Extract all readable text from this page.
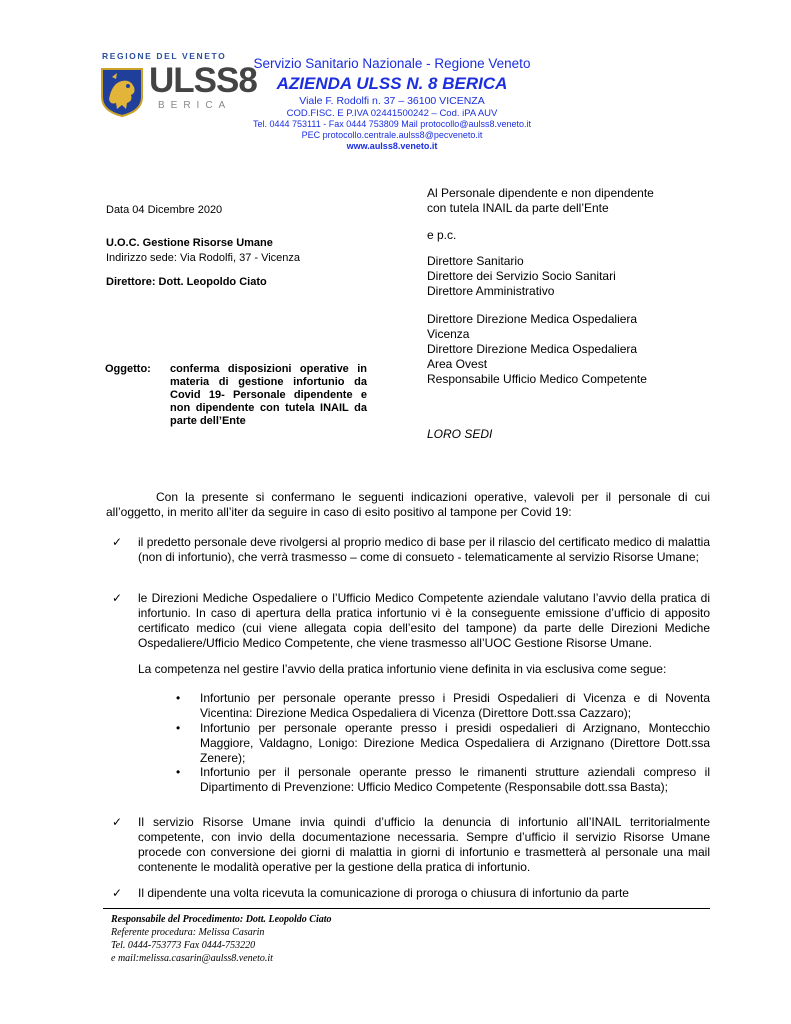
REGIONE DEL VENETO
ULSS8
BERICA
Servizio Sanitario Nazionale - Regione Veneto
AZIENDA ULSS N. 8 BERICA
Viale F. Rodolfi n. 37 – 36100 VICENZA
COD.FISC. E P.IVA 02441500242 – Cod. iPA AUV
Tel. 0444 753111 - Fax 0444 753809 Mail protocollo@aulss8.veneto.it
PEC protocollo.centrale.aulss8@pecveneto.it
www.aulss8.veneto.it
Data 04 Dicembre 2020
U.O.C. Gestione Risorse Umane
Indirizzo sede: Via Rodolfi, 37 - Vicenza
Direttore: Dott. Leopoldo Ciato
Al Personale dipendente e non dipendente
con tutela INAIL da parte dell’Ente
e p.c.
Direttore Sanitario
Direttore dei Servizio Socio Sanitari
Direttore Amministrativo
Direttore Direzione Medica Ospedaliera
Vicenza
Direttore Direzione Medica Ospedaliera
Area Ovest
Responsabile Ufficio Medico Competente
LORO SEDI
Oggetto: conferma disposizioni operative in materia di gestione infortunio da Covid 19- Personale dipendente e non dipendente con tutela INAIL da parte dell’Ente
Con la presente si confermano le seguenti indicazioni operative, valevoli per il personale di cui all’oggetto, in merito all’iter da seguire in caso di esito positivo al tampone per Covid 19:
✓ il predetto personale deve rivolgersi al proprio medico di base per il rilascio del certificato medico di malattia (non di infortunio), che verrà trasmesso – come di consueto - telematicamente al servizio Risorse Umane;
✓ le Direzioni Mediche Ospedaliere o l’Ufficio Medico Competente aziendale valutano l’avvio della pratica di infortunio. In caso di apertura della pratica infortunio vi è la conseguente emissione d’ufficio di apposito certificato medico (cui viene allegata copia dell’esito del tampone) da parte delle Direzioni Mediche Ospedaliere/Ufficio Medico Competente, che viene trasmesso all’UOC Gestione Risorse Umane.
La competenza nel gestire l’avvio della pratica infortunio viene definita in via esclusiva come segue:
• Infortunio per personale operante presso i Presidi Ospedalieri di Vicenza e di Noventa Vicentina: Direzione Medica Ospedaliera di Vicenza (Direttore Dott.ssa Cazzaro);
• Infortunio per personale operante presso i presidi ospedalieri di Arzignano, Montecchio Maggiore, Valdagno, Lonigo: Direzione Medica Ospedaliera di Arzignano (Direttore Dott.ssa Zenere);
• Infortunio per il personale operante presso le rimanenti strutture aziendali compreso il Dipartimento di Prevenzione: Ufficio Medico Competente (Responsabile dott.ssa Basta);
✓ Il servizio Risorse Umane invia quindi d’ufficio la denuncia di infortunio all’INAIL territorialmente competente, con invio della documentazione necessaria. Sempre d’ufficio il servizio Risorse Umane procede con conversione dei giorni di malattia in giorni di infortunio e trasmetterà al personale una mail contenente le modalità operative per la gestione della pratica di infortunio.
✓ Il dipendente una volta ricevuta la comunicazione di proroga o chiusura di infortunio da parte
Responsabile del Procedimento: Dott. Leopoldo Ciato
Referente procedura: Melissa Casarin
Tel. 0444-753773 Fax 0444-753220
e mail:melissa.casarin@aulss8.veneto.it
